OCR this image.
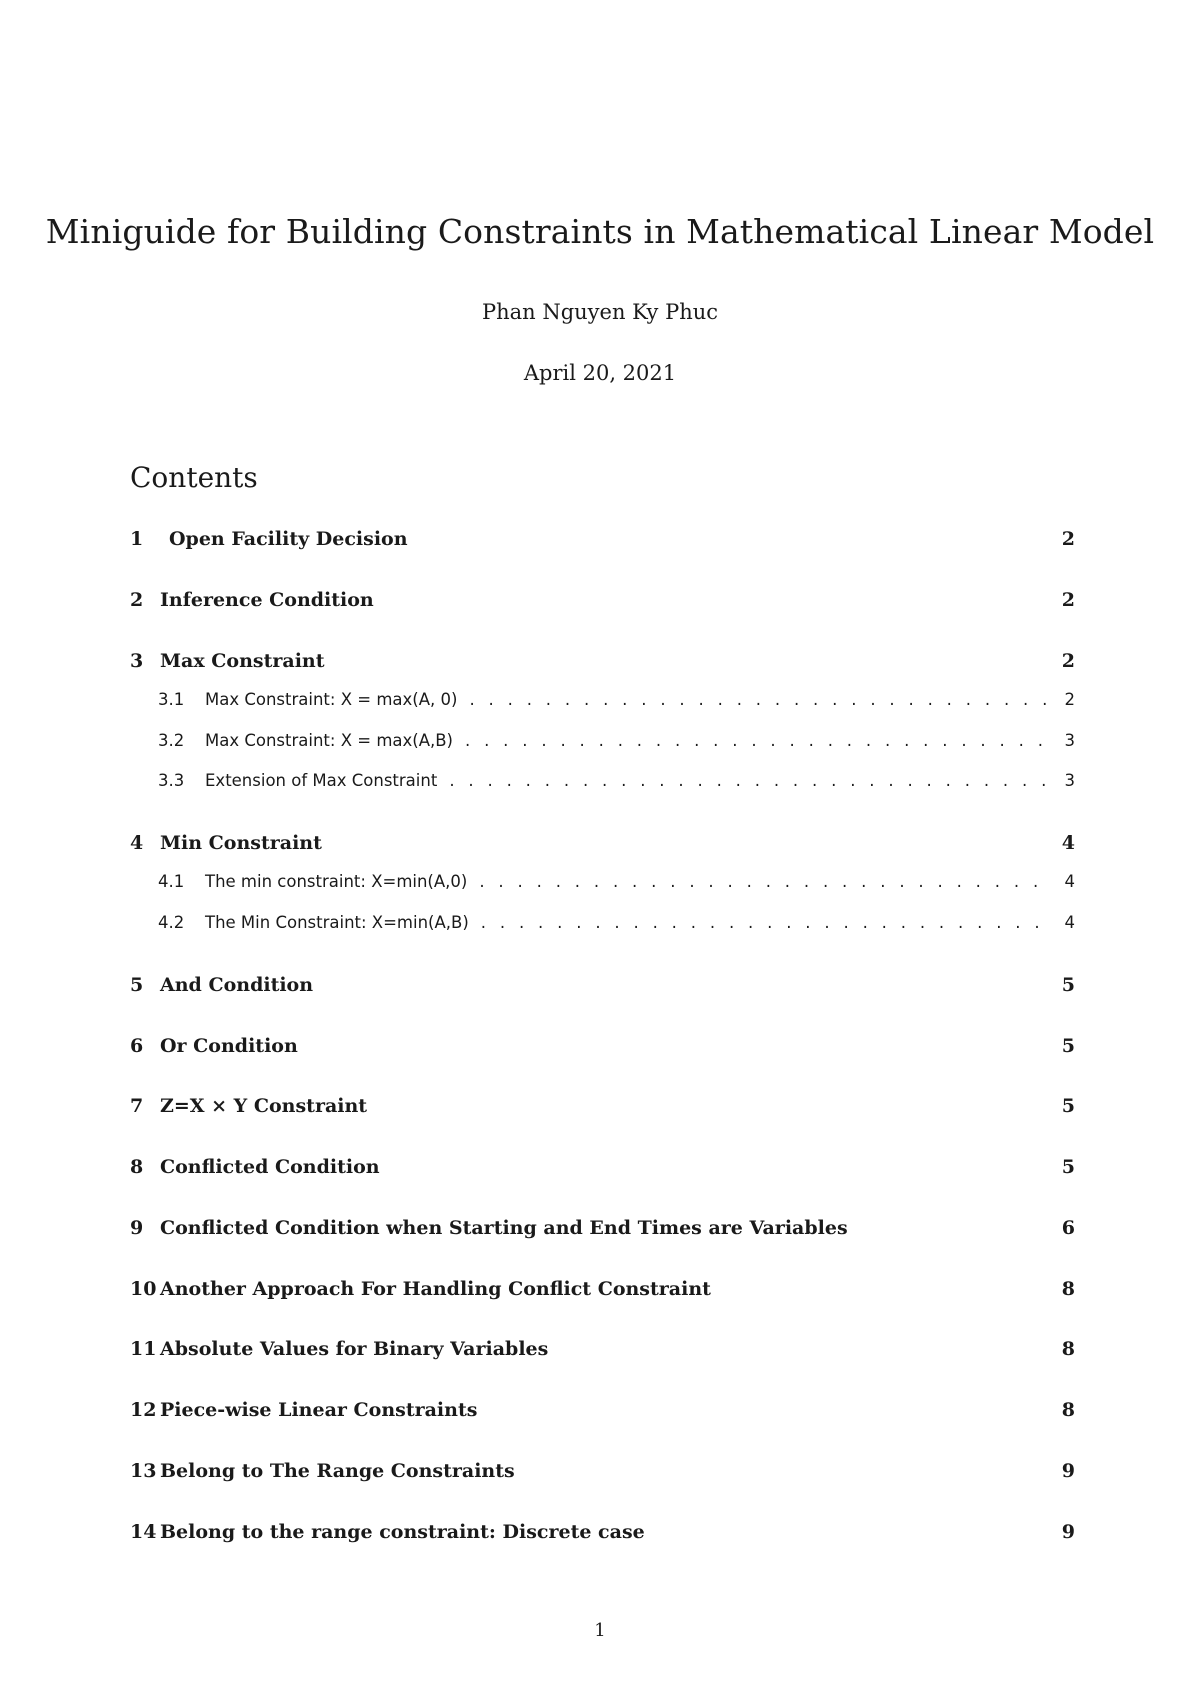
Miniguide for Building Constraints in Mathematical Linear Model
Phan Nguyen Ky Phuc
April 20, 2021
Contents
1	Open Facility Decision	2
2 Inference Condition	2
3 Max Constraint	2
3.1	Max Constraint: X = max(A, 0) . . .	2
3.2	Max Constraint: X = max(A,B) . . .	3
3.3	Extension of Max Constraint . . .	3
4 Min Constraint	4
4.1	The min constraint: X=min(A,0) . . .	4
4.2	The Min Constraint: X=min(A,B) . . .	4
5 And Condition	5
6 Or Condition	5
7 Z=X × Y Constraint	5
8 Conflicted Condition	5
9 Conflicted Condition when Starting and End Times are Variables	6
10 Another Approach For Handling Conflict Constraint	8
11 Absolute Values for Binary Variables	8
12 Piece-wise Linear Constraints	8
13 Belong to The Range Constraints	9
14 Belong to the range constraint: Discrete case	9
1
